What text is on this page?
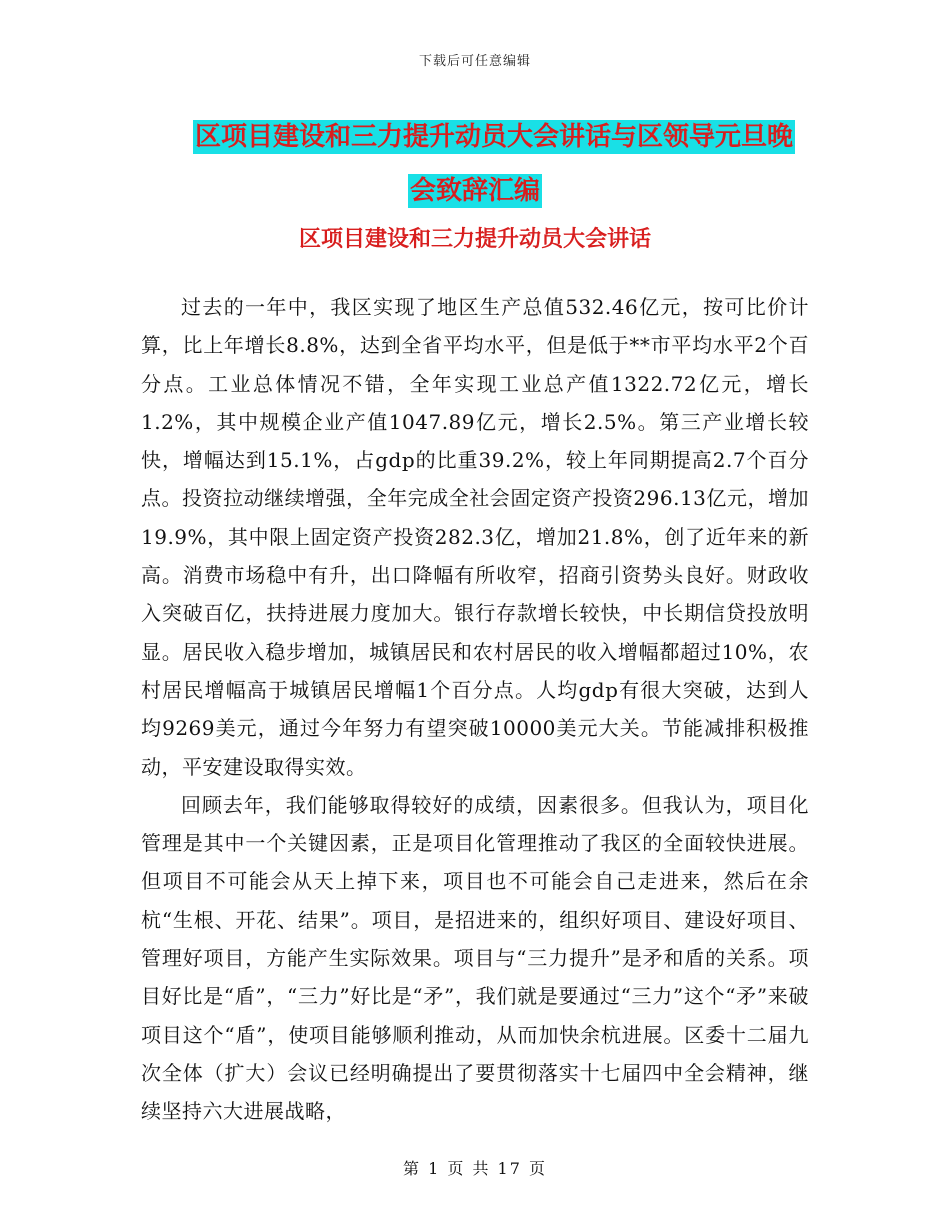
下载后可任意编辑
区项目建设和三力提升动员大会讲话与区领导元旦晚
会致辞汇编
区项目建设和三力提升动员大会讲话

过去的一年中，我区实现了地区生产总值532.46亿元，按可比价计算，比上年增长8.8%，达到全省平均水平，但是低于**市平均水平2个百分点。工业总体情况不错，全年实现工业总产值1322.72亿元，增长1.2%，其中规模企业产值1047.89亿元，增长2.5%。第三产业增长较快，增幅达到15.1%，占gdp的比重39.2%，较上年同期提高2.7个百分点。投资拉动继续增强，全年完成全社会固定资产投资296.13亿元，增加19.9%，其中限上固定资产投资282.3亿，增加21.8%，创了近年来的新高。消费市场稳中有升，出口降幅有所收窄，招商引资势头良好。财政收入突破百亿，扶持进展力度加大。银行存款增长较快，中长期信贷投放明显。居民收入稳步增加，城镇居民和农村居民的收入增幅都超过10%，农村居民增幅高于城镇居民增幅1个百分点。人均gdp有很大突破，达到人均9269美元，通过今年努力有望突破10000美元大关。节能减排积极推动，平安建设取得实效。

回顾去年，我们能够取得较好的成绩，因素很多。但我认为，项目化管理是其中一个关键因素，正是项目化管理推动了我区的全面较快进展。但项目不可能会从天上掉下来，项目也不可能会自己走进来，然后在余杭“生根、开花、结果”。项目，是招进来的，组织好项目、建设好项目、管理好项目，方能产生实际效果。项目与“三力提升”是矛和盾的关系。项目好比是“盾”，“三力”好比是“矛”，我们就是要通过“三力”这个“矛”来破项目这个“盾”，使项目能够顺利推动，从而加快余杭进展。区委十二届九次全体（扩大）会议已经明确提出了要贯彻落实十七届四中全会精神，继续坚持六大进展战略，

第 1 页 共 17 页
